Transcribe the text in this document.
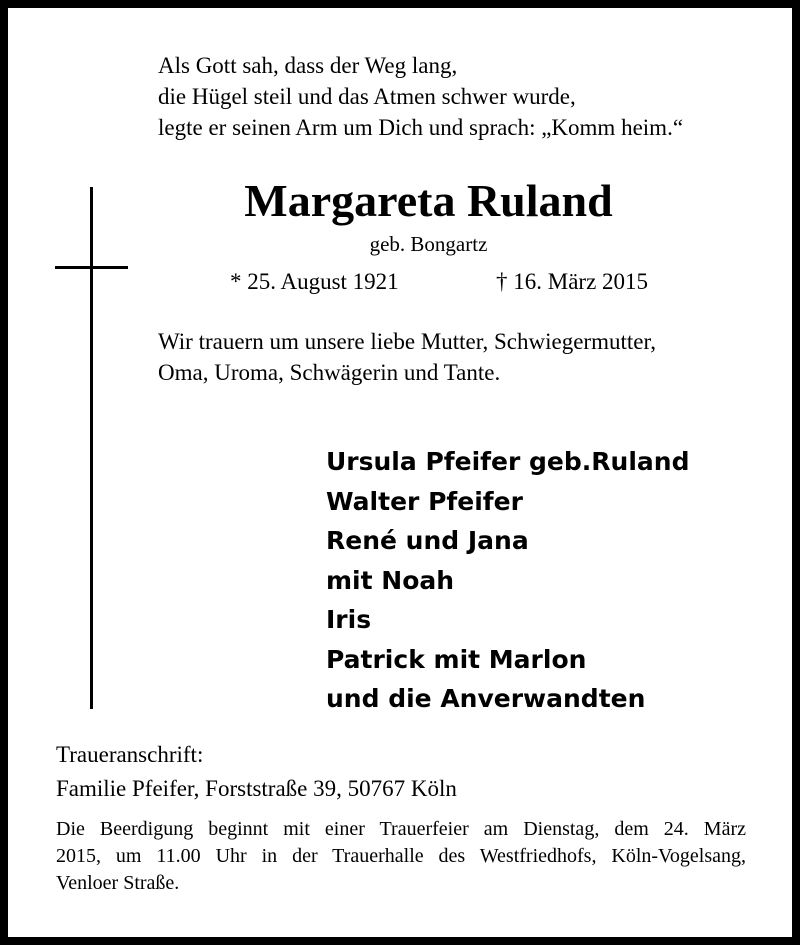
Als Gott sah, dass der Weg lang,
die Hügel steil und das Atmen schwer wurde,
legte er seinen Arm um Dich und sprach: „Komm heim.“
Margareta Ruland
geb. Bongartz
* 25. August 1921	† 16. März 2015
Wir trauern um unsere liebe Mutter, Schwiegermutter,
Oma, Uroma, Schwägerin und Tante.
Ursula Pfeifer geb.Ruland
Walter Pfeifer
René und Jana
mit Noah
Iris
Patrick mit Marlon
und die Anverwandten
Traueranschrift:
Familie Pfeifer, Forststraße 39, 50767 Köln
Die Beerdigung beginnt mit einer Trauerfeier am Dienstag, dem 24. März
2015, um 11.00 Uhr in der Trauerhalle des Westfriedhofs, Köln-Vogelsang,
Venloer Straße.
